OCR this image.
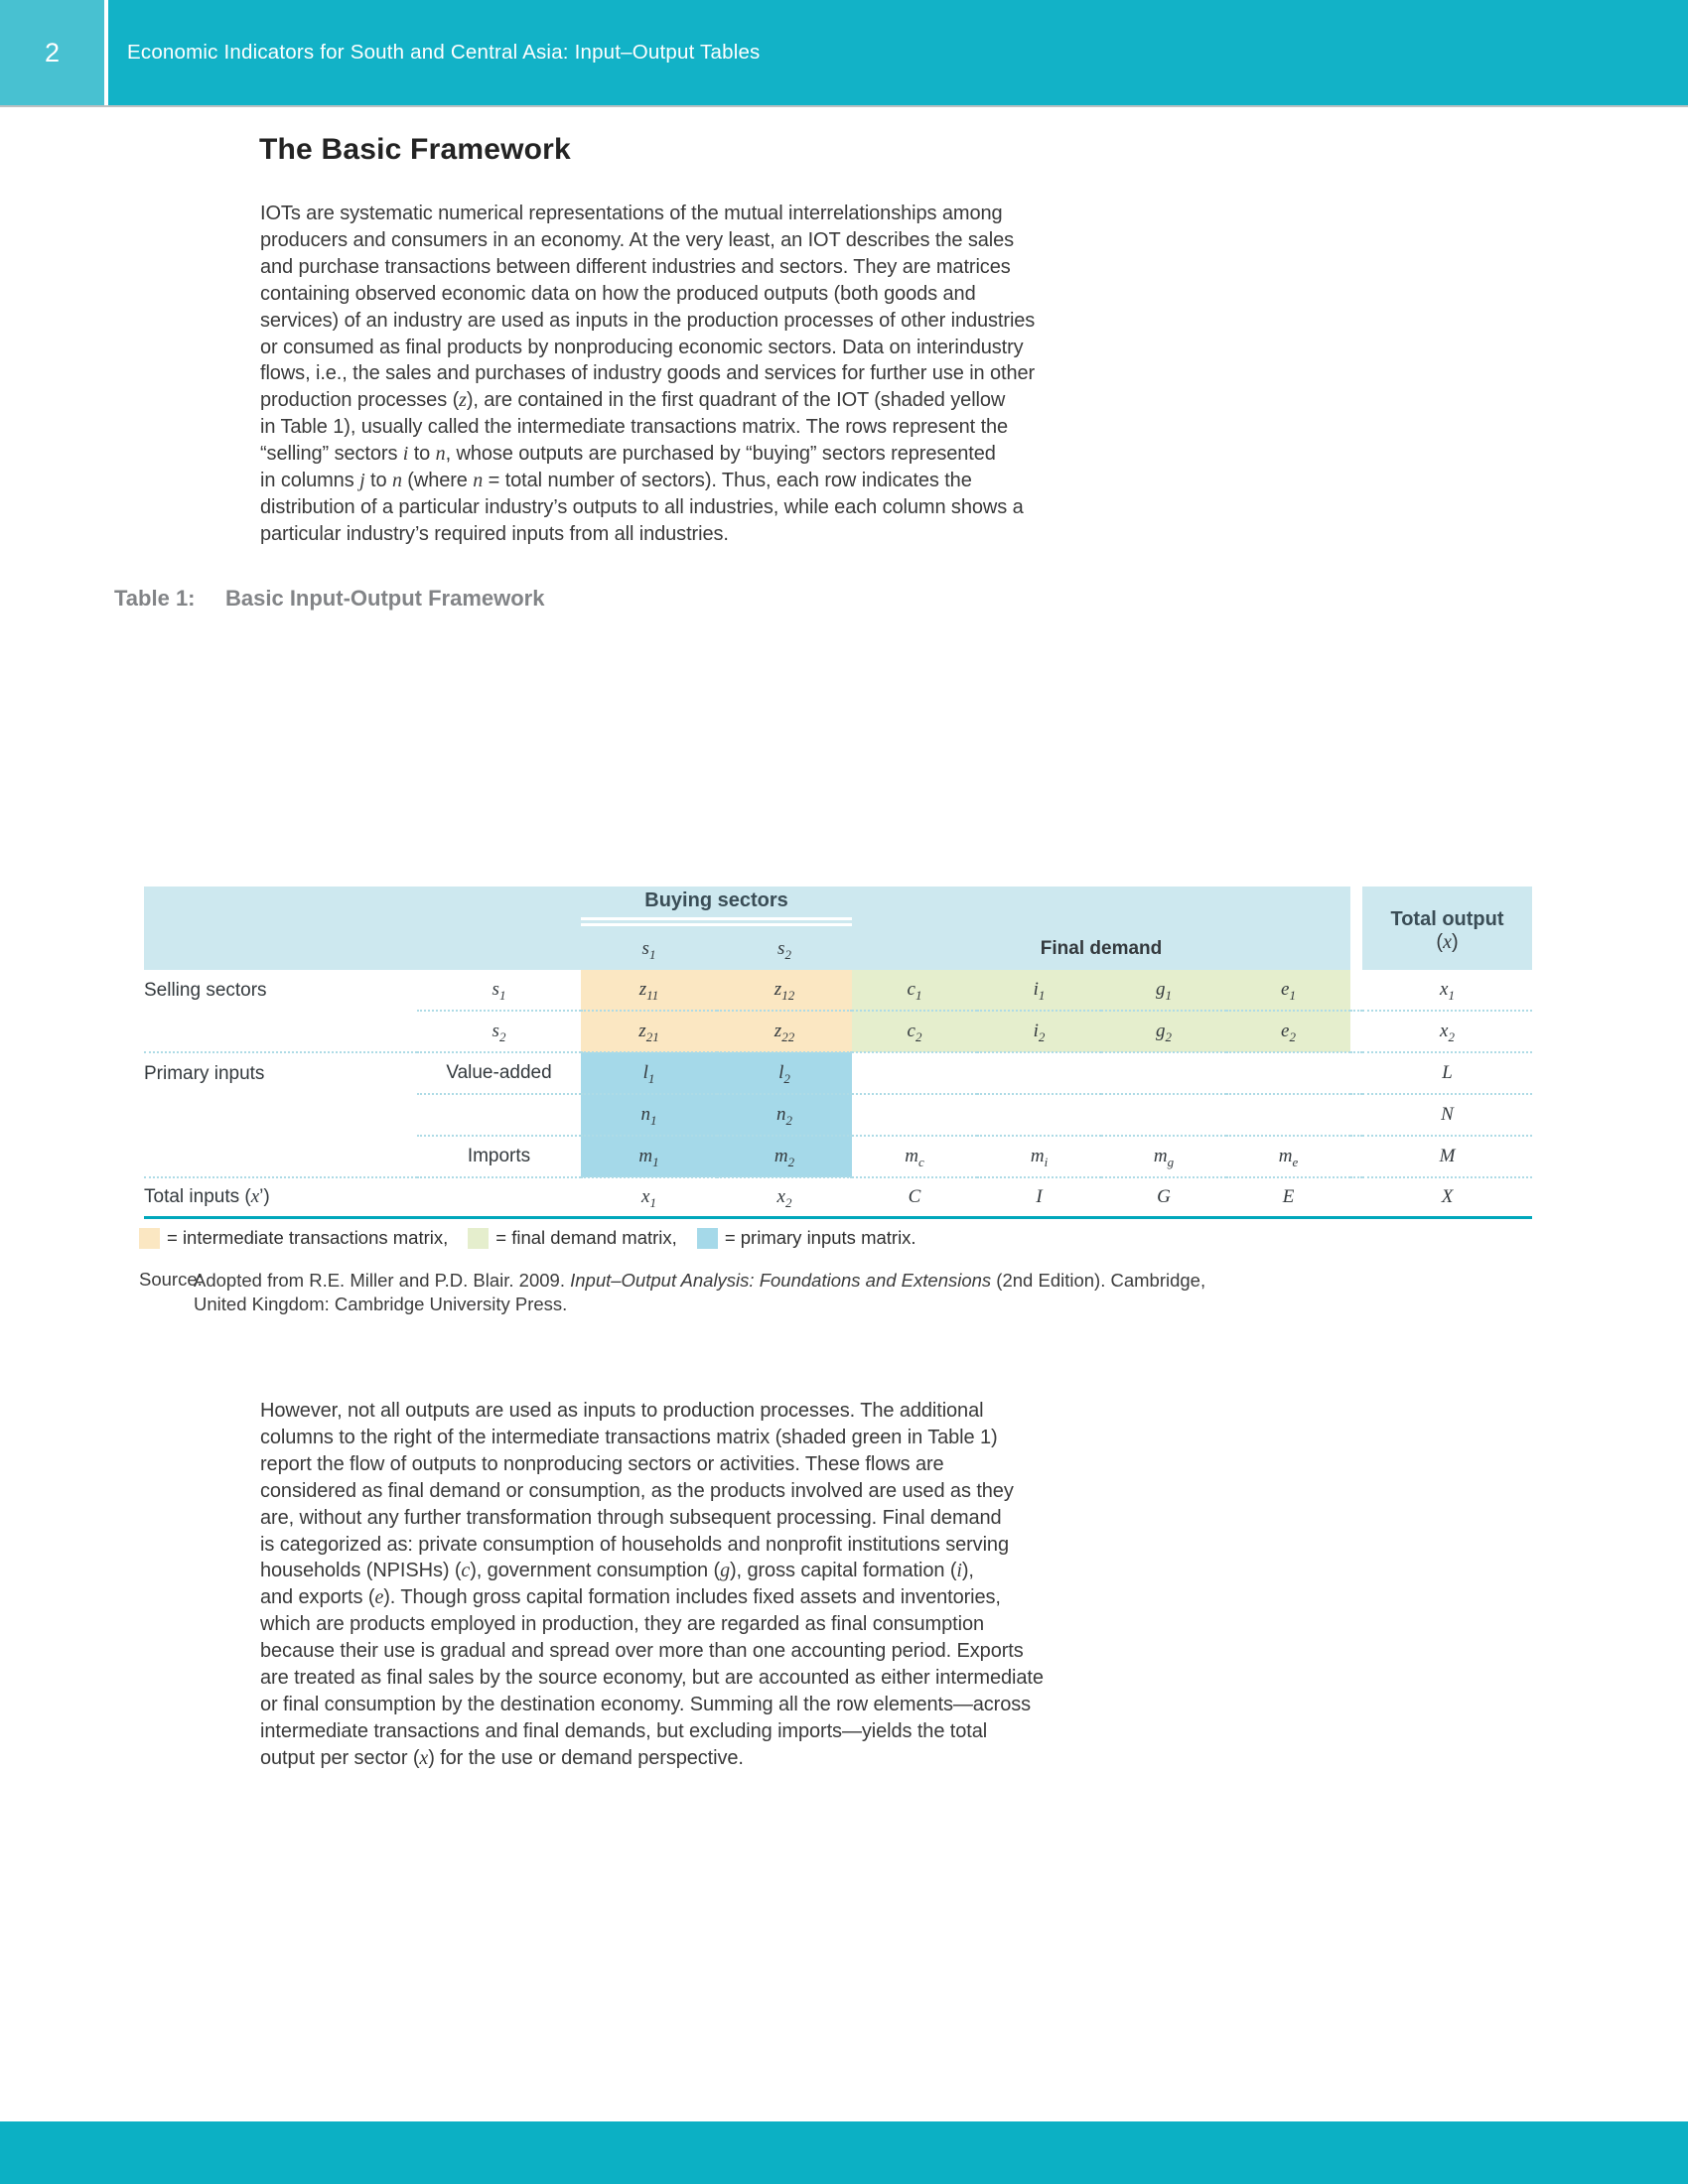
2	Economic Indicators for South and Central Asia: Input–Output Tables
The Basic Framework
IOTs are systematic numerical representations of the mutual interrelationships among
producers and consumers in an economy. At the very least, an IOT describes the sales
and purchase transactions between different industries and sectors. They are matrices
containing observed economic data on how the produced outputs (both goods and
services) of an industry are used as inputs in the production processes of other industries
or consumed as final products by nonproducing economic sectors. Data on interindustry
flows, i.e., the sales and purchases of industry goods and services for further use in other
production processes (z), are contained in the first quadrant of the IOT (shaded yellow
in Table 1), usually called the intermediate transactions matrix. The rows represent the
“selling” sectors i to n, whose outputs are purchased by “buying” sectors represented
in columns j to n (where n = total number of sectors). Thus, each row indicates the
distribution of a particular industry’s outputs to all industries, while each column shows a
particular industry’s required inputs from all industries.
Table 1: Basic Input-Output Framework

		Buying sectors							Total output
(x)

		$s_1$	$s_2$	Final demand					
Selling sectors	$s_1$	$z_{11}$	$z_{12}$	$c_1$	$i_1$	$g_1$	$e_1$		$x_1$
	$s_2$	$z_{21}$	$z_{22}$	$c_2$	$i_2$	$g_2$	$e_2$		$x_2$
Primary inputs	Value-added	$l_1$	$l_2$						L
		$n_1$	$n_2$						N
	Imports	$m_1$	$m_2$	$m_c$	$m_i$	$m_g$	$m_e$		M
Total inputs (x’)		$x_1$	$x_2$	C	I	G	E		X
= intermediate transactions matrix,	= final demand matrix,	= primary inputs matrix.
Source:
Adopted from R.E. Miller and P.D. Blair. 2009. Input–Output Analysis: Foundations and Extensions (2nd Edition). Cambridge,
United Kingdom: Cambridge University Press.
However, not all outputs are used as inputs to production processes. The additional
columns to the right of the intermediate transactions matrix (shaded green in Table 1)
report the flow of outputs to nonproducing sectors or activities. These flows are
considered as final demand or consumption, as the products involved are used as they
are, without any further transformation through subsequent processing. Final demand
is categorized as: private consumption of households and nonprofit institutions serving
households (NPISHs) (c), government consumption (g), gross capital formation (i),
and exports (e). Though gross capital formation includes fixed assets and inventories,
which are products employed in production, they are regarded as final consumption
because their use is gradual and spread over more than one accounting period. Exports
are treated as final sales by the source economy, but are accounted as either intermediate
or final consumption by the destination economy. Summing all the row elements—across
intermediate transactions and final demands, but excluding imports—yields the total
output per sector (x) for the use or demand perspective.
